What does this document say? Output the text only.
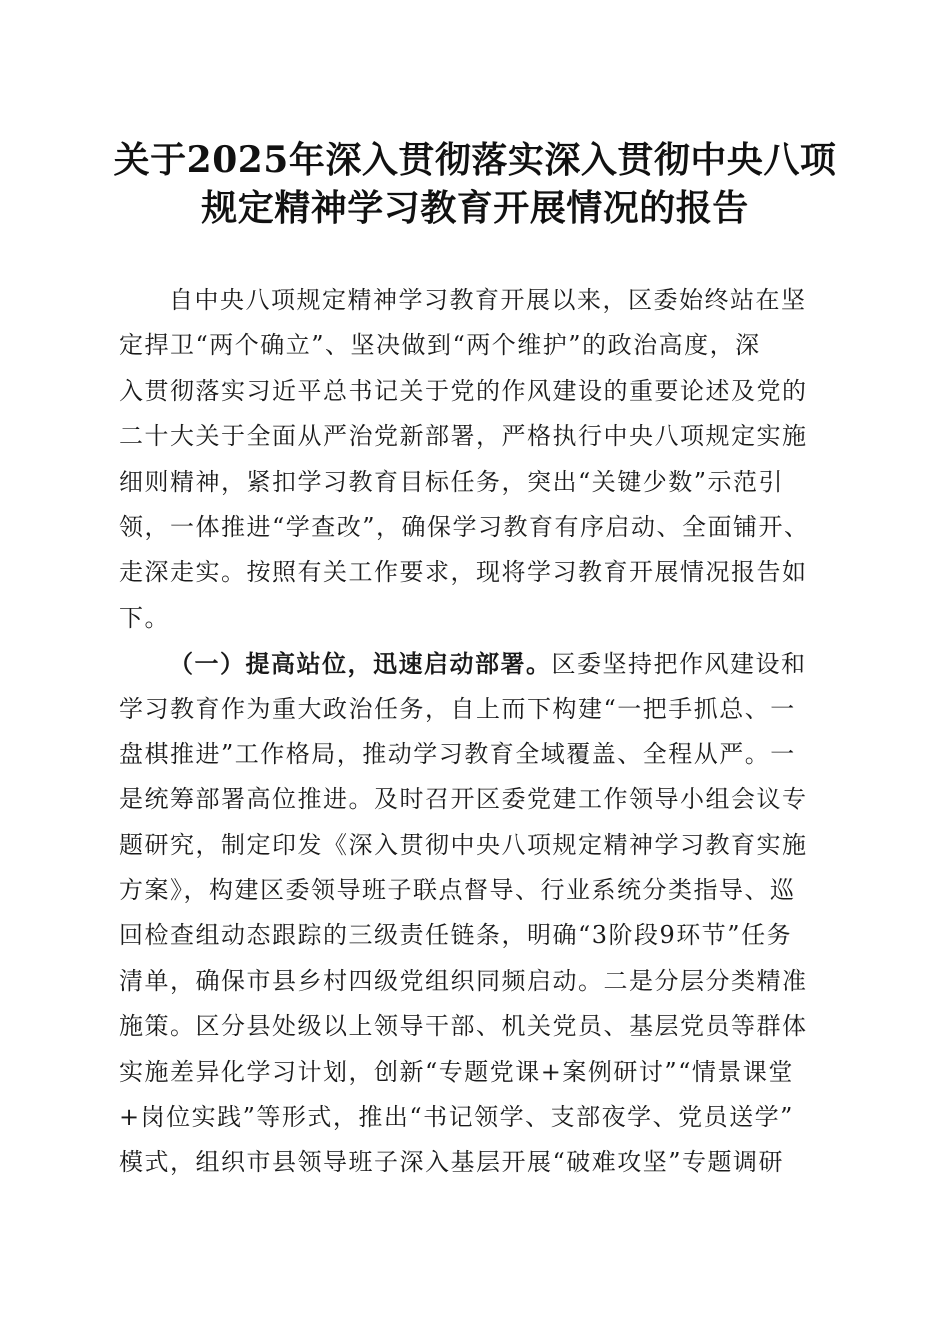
关于2025年深入贯彻落实深入贯彻中央八项
规定精神学习教育开展情况的报告
自中央八项规定精神学习教育开展以来，区委始终站在坚
定捍卫“两个确立”、坚决做到“两个维护”的政治高度，深
入贯彻落实习近平总书记关于党的作风建设的重要论述及党的
二十大关于全面从严治党新部署，严格执行中央八项规定实施
细则精神，紧扣学习教育目标任务，突出“关键少数”示范引
领，一体推进“学查改”，确保学习教育有序启动、全面铺开、
走深走实。按照有关工作要求，现将学习教育开展情况报告如
下。
（一）提高站位，迅速启动部署。区委坚持把作风建设和
学习教育作为重大政治任务，自上而下构建“一把手抓总、一
盘棋推进”工作格局，推动学习教育全域覆盖、全程从严。一
是统筹部署高位推进。及时召开区委党建工作领导小组会议专
题研究，制定印发《深入贯彻中央八项规定精神学习教育实施
方案》，构建区委领导班子联点督导、行业系统分类指导、巡
回检查组动态跟踪的三级责任链条，明确“3阶段9环节”任务
清单，确保市县乡村四级党组织同频启动。二是分层分类精准
施策。区分县处级以上领导干部、机关党员、基层党员等群体
实施差异化学习计划，创新“专题党课+案例研讨”“情景课堂
+岗位实践”等形式，推出“书记领学、支部夜学、党员送学”
模式，组织市县领导班子深入基层开展“破难攻坚”专题调研
